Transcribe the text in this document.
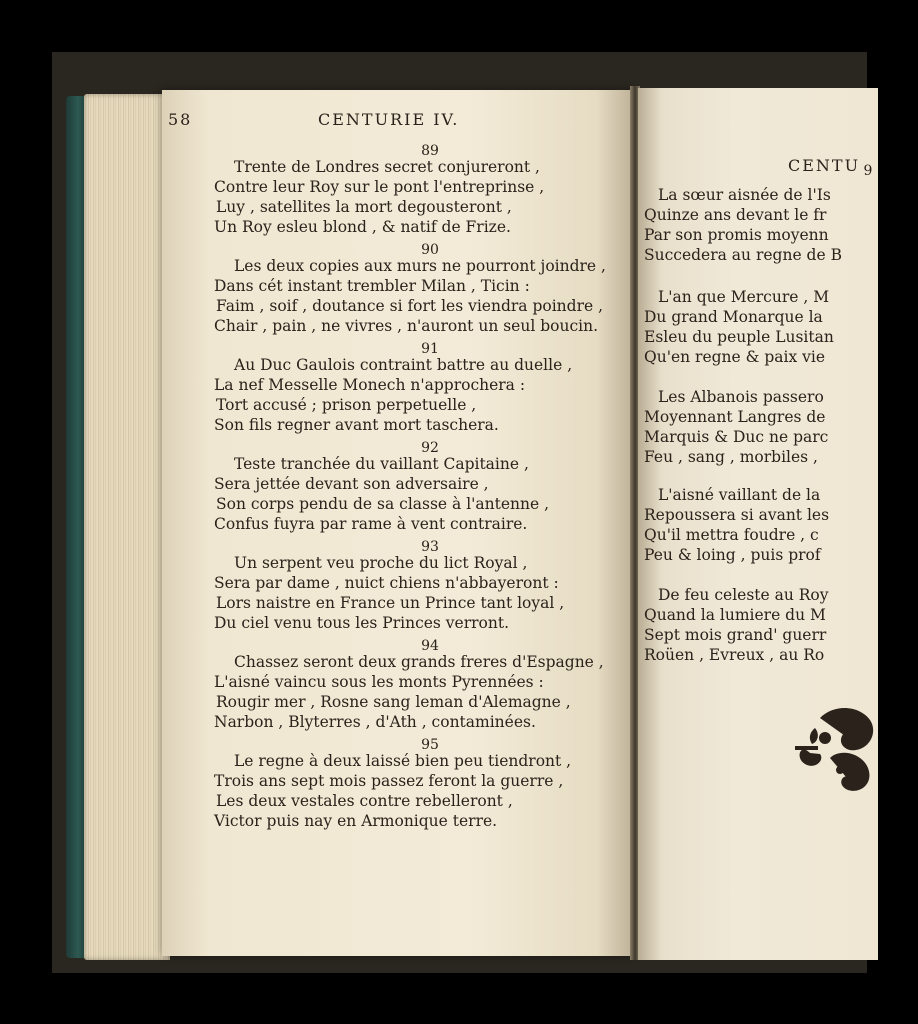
CENTU 9
La sœur aisnée de l'Is
Quinze ans devant le fr
Par son promis moyenn
Succedera au regne de B
L'an que Mercure , M
Du grand Monarque la
Esleu du peuple Lusitan
Qu'en regne & paix vie
Les Albanois passero
Moyennant Langres de
Marquis & Duc ne parc
Feu , sang , morbiles ,
L'aisné vaillant de la
Repoussera si avant les
Qu'il mettra foudre , c
Peu & loing , puis prof
De feu celeste au Roy
Quand la lumiere du M
Sept mois grand' guerr
Roüen , Evreux , au Ro
58	CENTURIE IV.
89
Trente de Londres secret conjureront ,
Contre leur Roy sur le pont l'entreprinse ,
Luy , satellites la mort degousteront ,
Un Roy esleu blond , & natif de Frize.
90
Les deux copies aux murs ne pourront joindre ,
Dans cét instant trembler Milan , Ticin :
Faim , soif , doutance si fort les viendra poindre ,
Chair , pain , ne vivres , n'auront un seul boucin.
91
Au Duc Gaulois contraint battre au duelle ,
La nef Messelle Monech n'approchera :
Tort accusé ; prison perpetuelle ,
Son fils regner avant mort taschera.
92
Teste tranchée du vaillant Capitaine ,
Sera jettée devant son adversaire ,
Son corps pendu de sa classe à l'antenne ,
Confus fuyra par rame à vent contraire.
93
Un serpent veu proche du lict Royal ,
Sera par dame , nuict chiens n'abbayeront :
Lors naistre en France un Prince tant loyal ,
Du ciel venu tous les Princes verront.
94
Chassez seront deux grands freres d'Espagne ,
L'aisné vaincu sous les monts Pyrennées :
Rougir mer , Rosne sang leman d'Alemagne ,
Narbon , Blyterres , d'Ath , contaminées.
95
Le regne à deux laissé bien peu tiendront ,
Trois ans sept mois passez feront la guerre ,
Les deux vestales contre rebelleront ,
Victor puis nay en Armonique terre.
